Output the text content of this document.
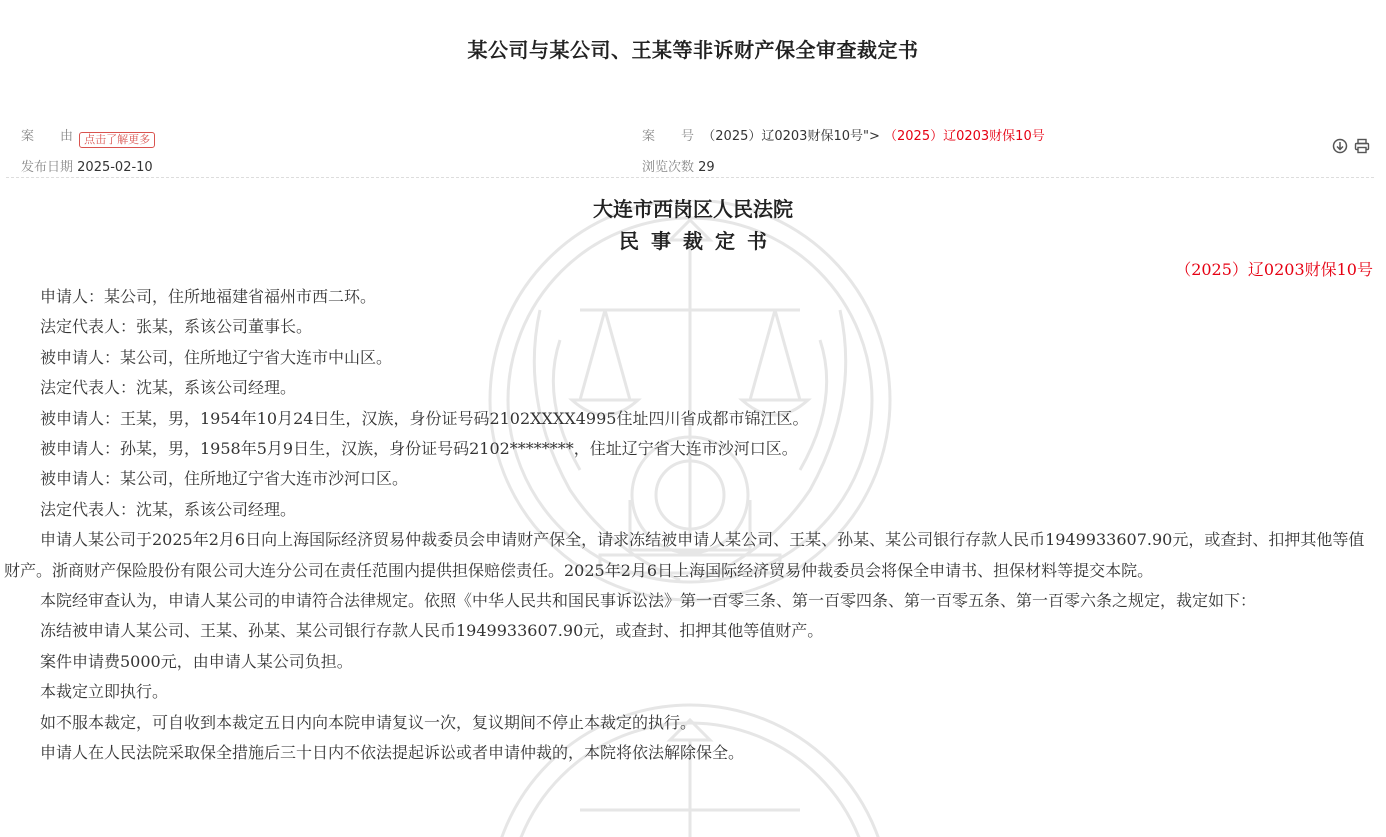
某公司与某公司、王某等非诉财产保全审查裁定书
案　　由 点击了解更多	案　　号 （2025）辽0203财保10号"> （2025）辽0203财保10号
发布日期 2025-02-10	浏览次数 29
大连市西岗区人民法院
民事裁定书
（2025）辽0203财保10号

申请人：某公司，住所地福建省福州市西二环。

法定代表人：张某，系该公司董事长。

被申请人：某公司，住所地辽宁省大连市中山区。

法定代表人：沈某，系该公司经理。

被申请人：王某，男，1954年10月24日生，汉族，身份证号码2102XXXX4995住址四川省成都市锦江区。

被申请人：孙某，男，1958年5月9日生，汉族，身份证号码2102********，住址辽宁省大连市沙河口区。

被申请人：某公司，住所地辽宁省大连市沙河口区。

法定代表人：沈某，系该公司经理。

申请人某公司于2025年2月6日向上海国际经济贸易仲裁委员会申请财产保全，请求冻结被申请人某公司、王某、孙某、某公司银行存款人民币1949933607.90元，或查封、扣押其他等值财产。浙商财产保险股份有限公司大连分公司在责任范围内提供担保赔偿责任。2025年2月6日上海国际经济贸易仲裁委员会将保全申请书、担保材料等提交本院。

本院经审查认为，申请人某公司的申请符合法律规定。依照《中华人民共和国民事诉讼法》第一百零三条、第一百零四条、第一百零五条、第一百零六条之规定，裁定如下：

冻结被申请人某公司、王某、孙某、某公司银行存款人民币1949933607.90元，或查封、扣押其他等值财产。

案件申请费5000元，由申请人某公司负担。

本裁定立即执行。

如不服本裁定，可自收到本裁定五日内向本院申请复议一次，复议期间不停止本裁定的执行。

申请人在人民法院采取保全措施后三十日内不依法提起诉讼或者申请仲裁的，本院将依法解除保全。
